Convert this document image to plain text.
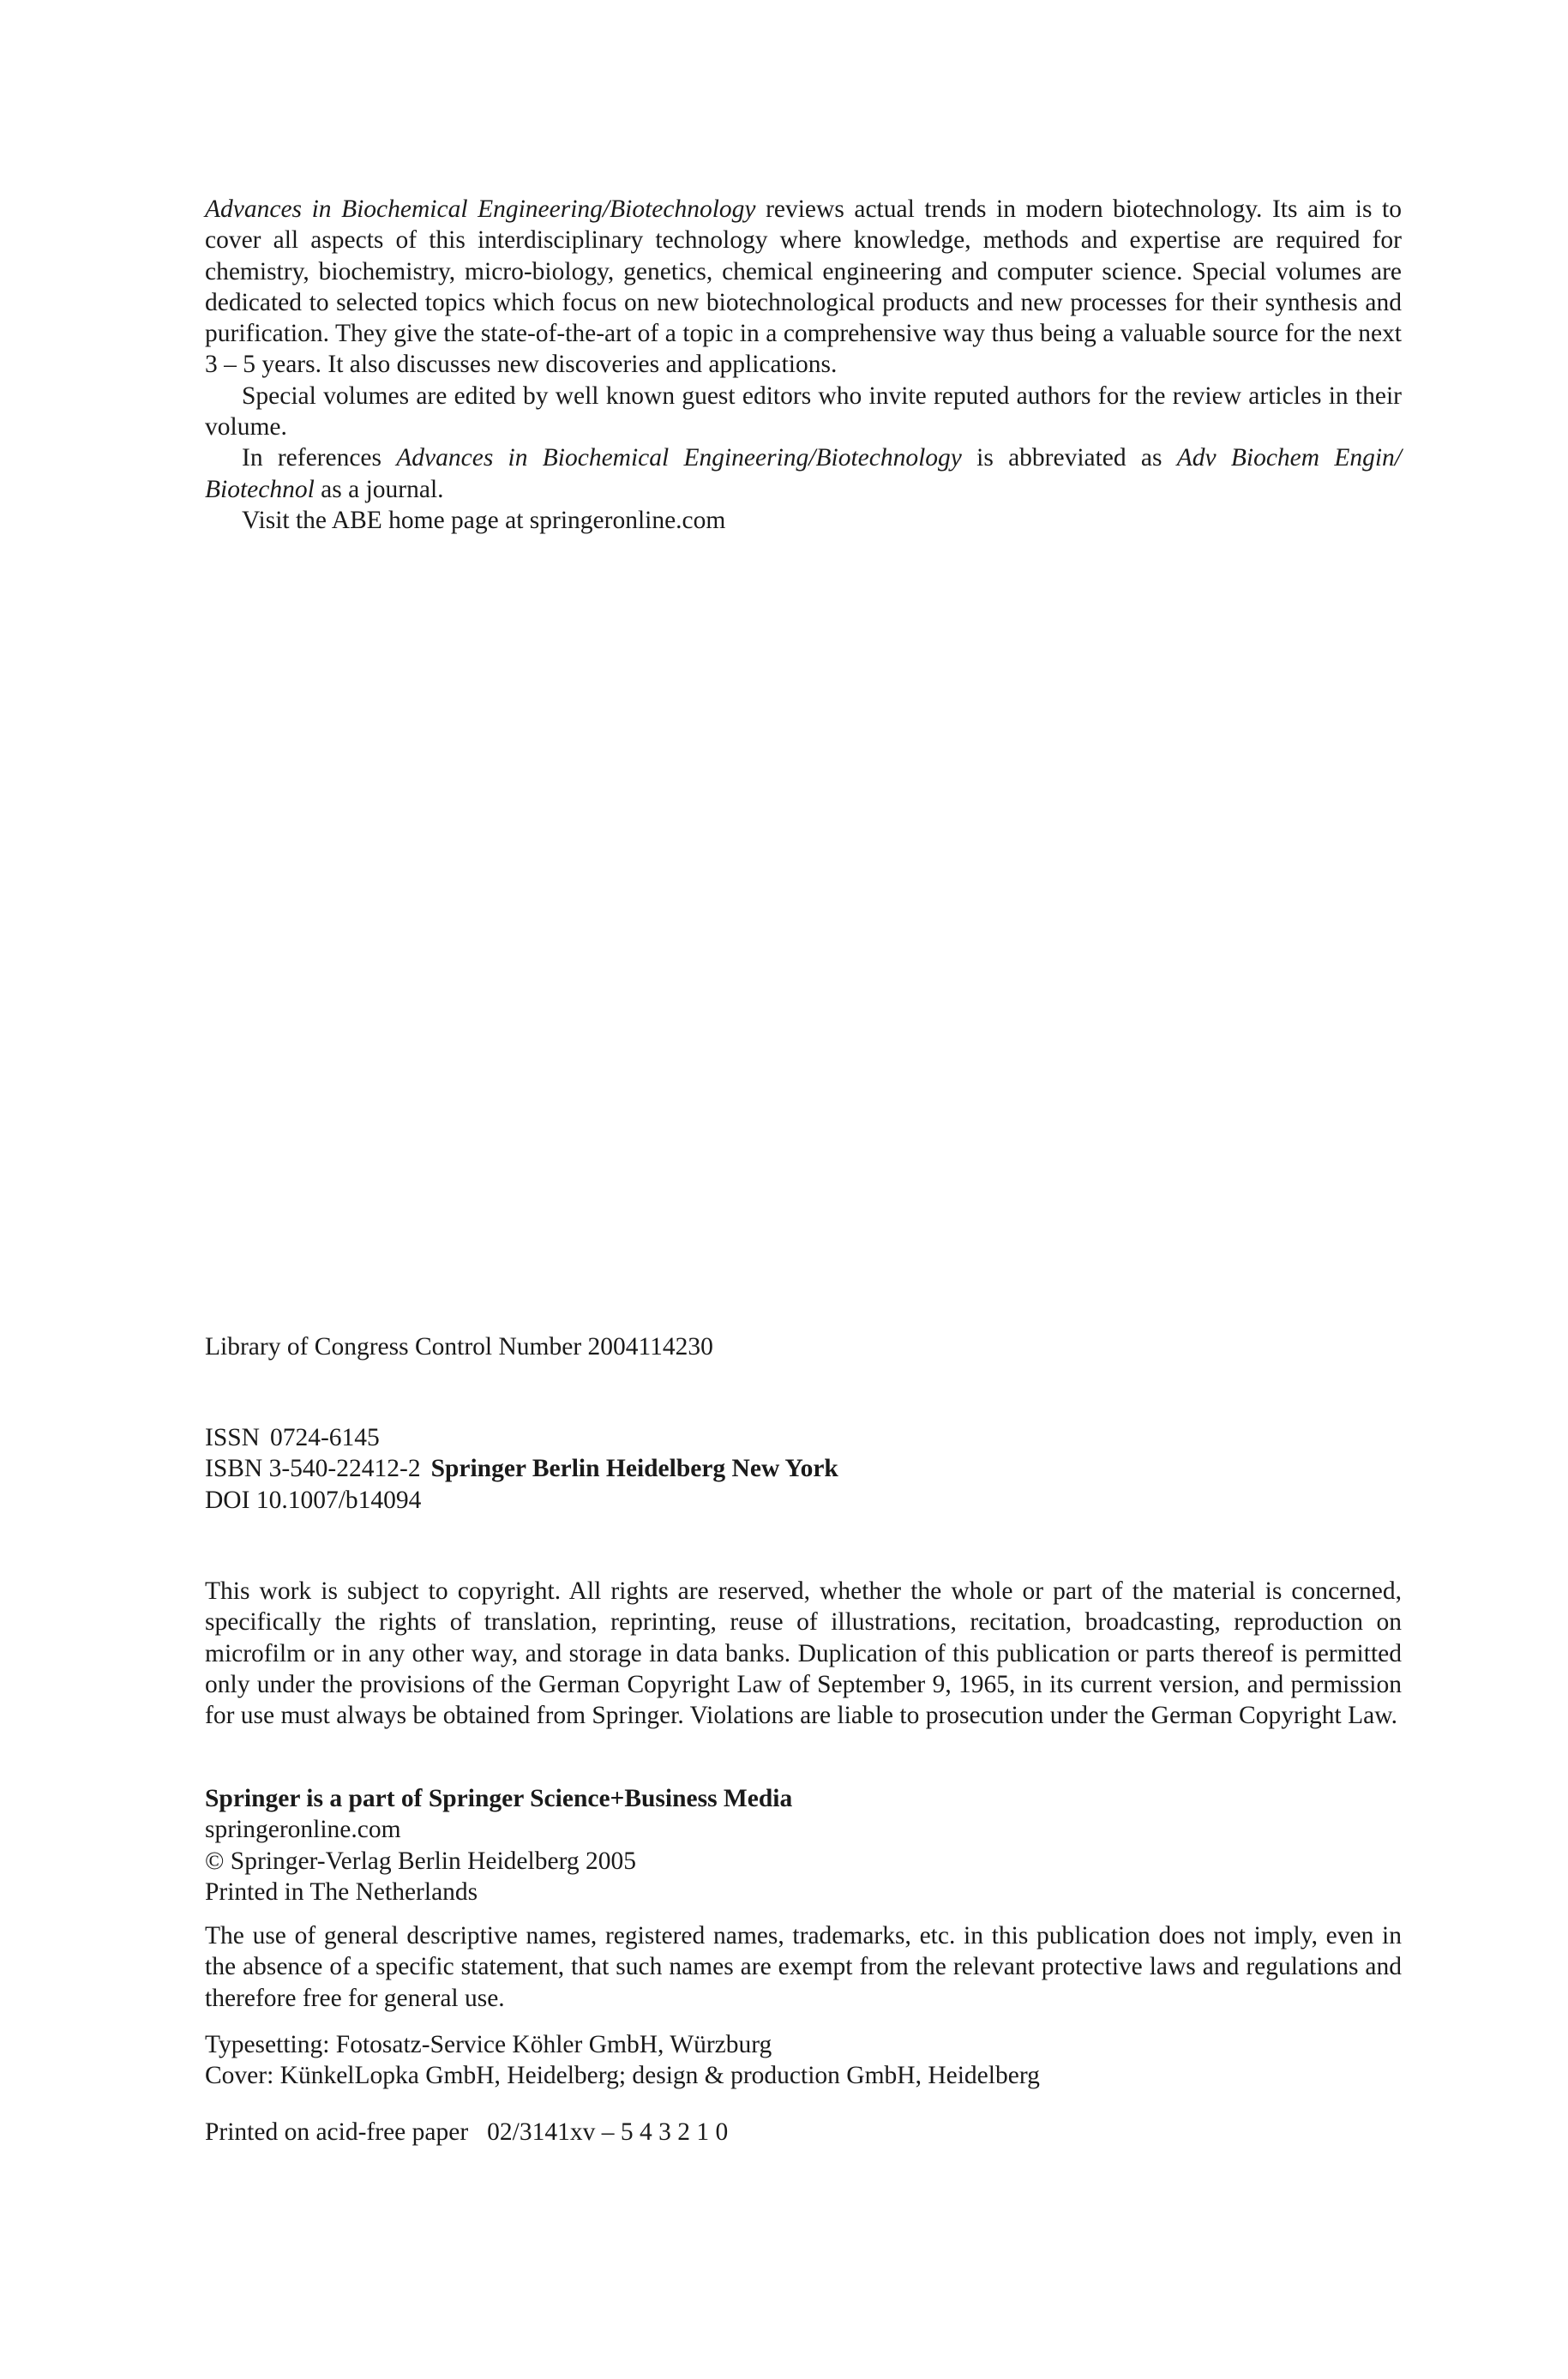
Advances in Biochemical Engineering/Biotechnology reviews actual trends in modern biotechnology. Its aim is to cover all aspects of this interdisciplinary technology where knowledge, methods and expertise are required for chemistry, biochemistry, micro-biology, genetics, chemical engineering and computer science. Special volumes are dedicated to selected topics which focus on new biotechnological products and new processes for their synthesis and purification. They give the state-of-the-art of a topic in a comprehensive way thus being a valuable source for the next 3 – 5 years. It also discusses new discoveries and applications.

Special volumes are edited by well known guest editors who invite reputed authors for the review articles in their volume.

In references Advances in Biochemical Engineering/Biotechnology is abbreviated as Adv Biochem Engin/ Biotechnol as a journal.

Visit the ABE home page at springeronline.com

Library of Congress Control Number 2004114230

ISSN 0724-6145

ISBN 3-540-22412-2 Springer Berlin Heidelberg New York

DOI 10.1007/b14094

This work is subject to copyright. All rights are reserved, whether the whole or part of the material is concerned, specifically the rights of translation, reprinting, reuse of illustrations, recitation, broadcasting, reproduction on microfilm or in any other way, and storage in data banks. Duplication of this publication or parts thereof is permitted only under the provisions of the German Copyright Law of September 9, 1965, in its current version, and permission for use must always be obtained from Springer. Violations are liable to prosecution under the German Copyright Law.

Springer is a part of Springer Science+Business Media

springeronline.com

© Springer-Verlag Berlin Heidelberg 2005

Printed in The Netherlands

The use of general descriptive names, registered names, trademarks, etc. in this publication does not imply, even in the absence of a specific statement, that such names are exempt from the relevant protective laws and regulations and therefore free for general use.

Typesetting: Fotosatz-Service Köhler GmbH, Würzburg

Cover: KünkelLopka GmbH, Heidelberg; design & production GmbH, Heidelberg

Printed on acid-free paper 02/3141xv – 5 4 3 2 1 0
